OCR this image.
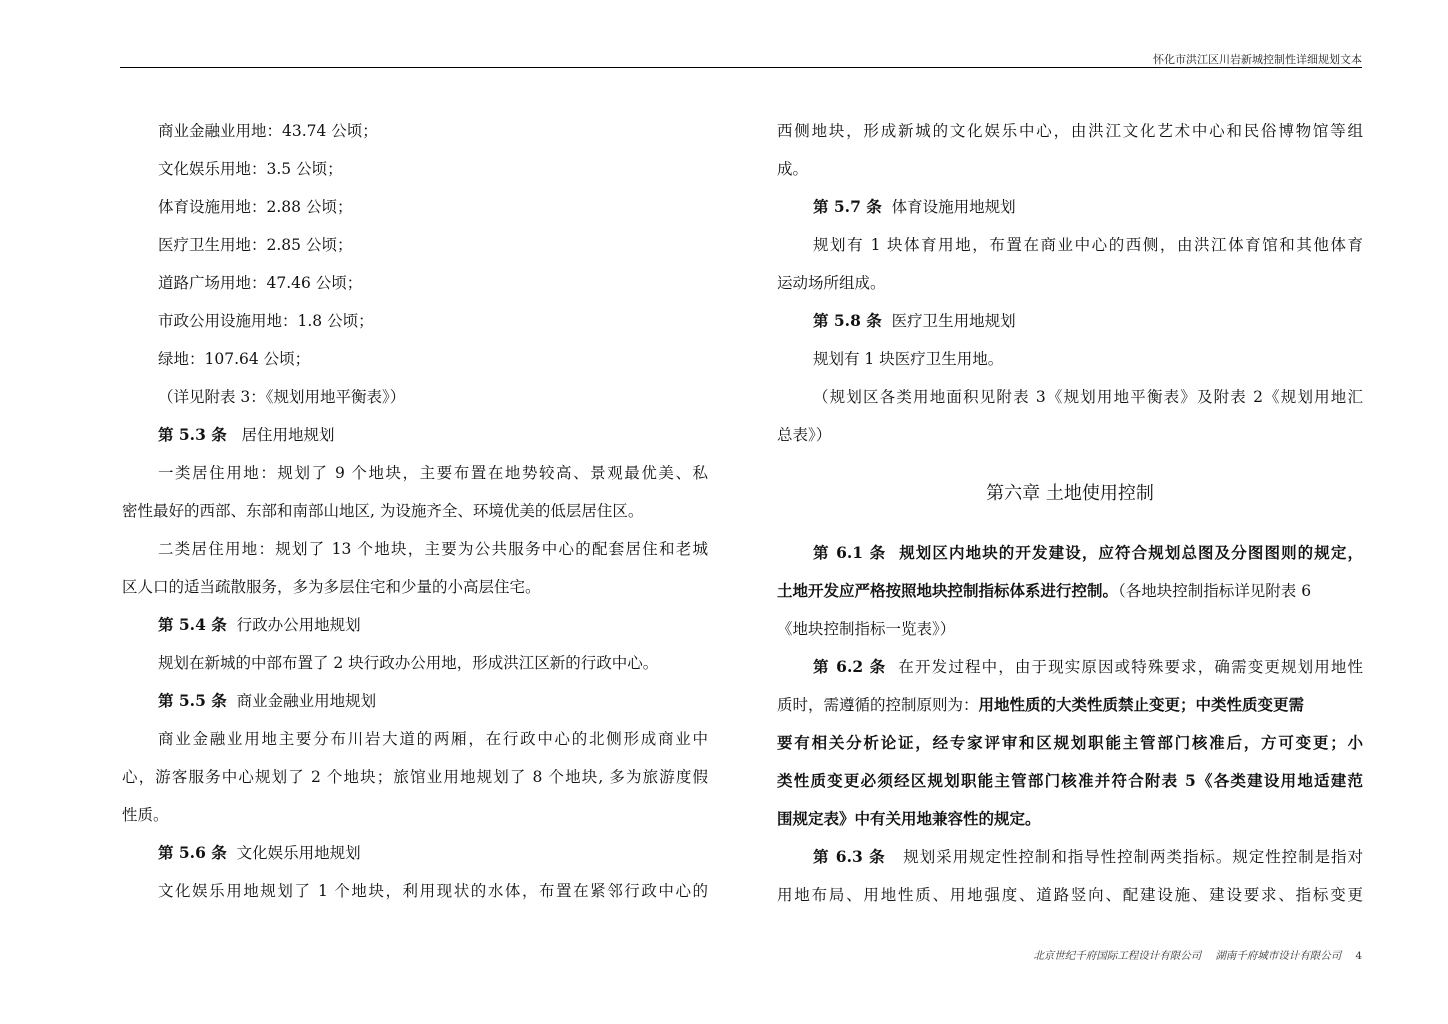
怀化市洪江区川岩新城控制性详细规划文本
商业金融业用地：43.74 公顷；
文化娱乐用地：3.5 公顷；
体育设施用地：2.88 公顷；
医疗卫生用地：2.85 公顷；
道路广场用地：47.46 公顷；
市政公用设施用地：1.8 公顷；
绿地：107.64 公顷；
（详见附表 3：《规划用地平衡表》）
第 5.3 条 居住用地规划
一类居住用地：规划了 9 个地块，主要布置在地势较高、景观最优美、私
密性最好的西部、东部和南部山地区, 为设施齐全、环境优美的低层居住区。
二类居住用地：规划了 13 个地块，主要为公共服务中心的配套居住和老城
区人口的适当疏散服务，多为多层住宅和少量的小高层住宅。
第 5.4 条 行政办公用地规划
规划在新城的中部布置了 2 块行政办公用地，形成洪江区新的行政中心。
第 5.5 条 商业金融业用地规划
商业金融业用地主要分布川岩大道的两厢，在行政中心的北侧形成商业中
心，游客服务中心规划了 2 个地块；旅馆业用地规划了 8 个地块, 多为旅游度假
性质。
第 5.6 条 文化娱乐用地规划
文化娱乐用地规划了 1 个地块，利用现状的水体，布置在紧邻行政中心的
西侧地块，形成新城的文化娱乐中心，由洪江文化艺术中心和民俗博物馆等组
成。
第 5.7 条 体育设施用地规划
规划有 1 块体育用地，布置在商业中心的西侧，由洪江体育馆和其他体育
运动场所组成。
第 5.8 条 医疗卫生用地规划
规划有 1 块医疗卫生用地。
（规划区各类用地面积见附表 3《规划用地平衡表》及附表 2《规划用地汇
总表》）
第六章 土地使用控制
第 6.1 条 规划区内地块的开发建设，应符合规划总图及分图图则的规定，
土地开发应严格按照地块控制指标体系进行控制。（各地块控制指标详见附表 6
《地块控制指标一览表》）
第 6.2 条 在开发过程中，由于现实原因或特殊要求，确需变更规划用地性
质时，需遵循的控制原则为：用地性质的大类性质禁止变更；中类性质变更需
要有相关分析论证，经专家评审和区规划职能主管部门核准后，方可变更；小
类性质变更必须经区规划职能主管部门核准并符合附表 5《各类建设用地适建范
围规定表》中有关用地兼容性的规定。
第 6.3 条 规划采用规定性控制和指导性控制两类指标。规定性控制是指对
用地布局、用地性质、用地强度、道路竖向、配建设施、建设要求、指标变更
北京世纪千府国际工程设计有限公司 湖南千府城市设计有限公司 4
